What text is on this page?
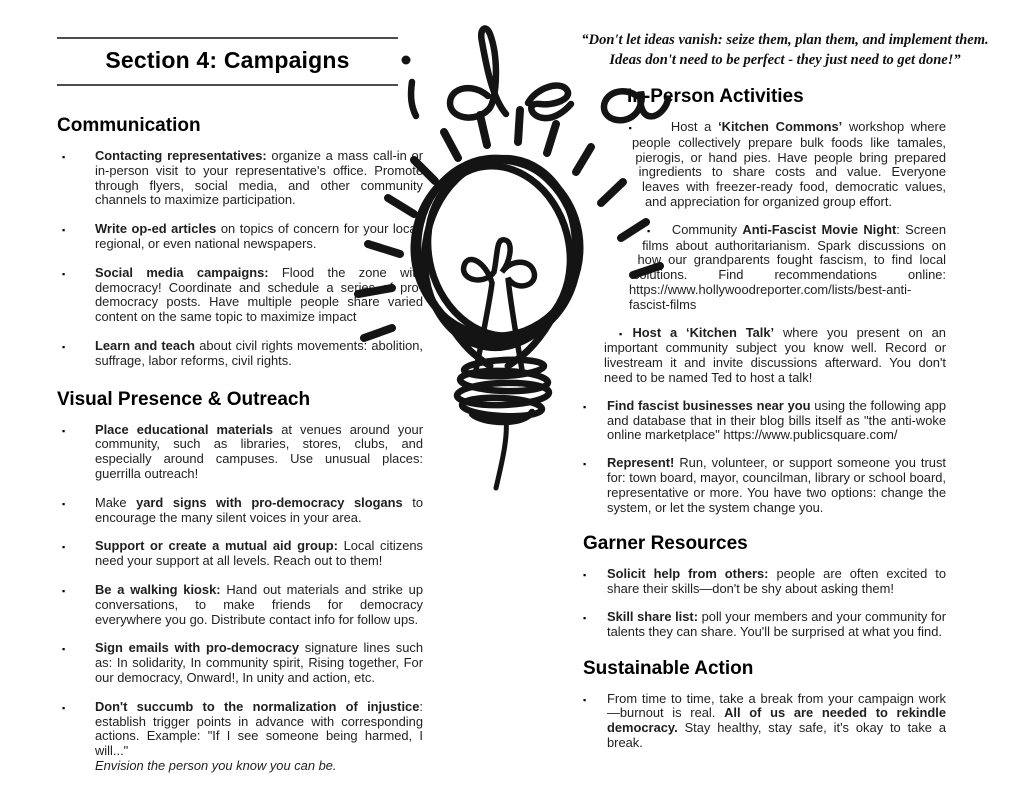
Section 4: Campaigns
Communication
▪ Contacting representatives: organize a mass call-in or in-person visit to your representative's office. Promote through flyers, social media, and other community channels to maximize participation.
▪ Write op-ed articles on topics of concern for your local, regional, or even national newspapers.
▪ Social media campaigns: Flood the zone with democracy! Coordinate and schedule a series of pro-democracy posts. Have multiple people share varied content on the same topic to maximize impact
▪ Learn and teach about civil rights movements: abolition, suffrage, labor reforms, civil rights.
Visual Presence & Outreach
▪ Place educational materials at venues around your community, such as libraries, stores, clubs, and especially around campuses. Use unusual places: guerrilla outreach!
▪ Make yard signs with pro-democracy slogans to encourage the many silent voices in your area.
▪ Support or create a mutual aid group: Local citizens need your support at all levels. Reach out to them!
▪ Be a walking kiosk: Hand out materials and strike up conversations, to make friends for democracy everywhere you go. Distribute contact info for follow ups.
▪ Sign emails with pro-democracy signature lines such as: In solidarity, In community spirit, Rising together, For our democracy, Onward!, In unity and action, etc.
▪ Don't succumb to the normalization of injustice: establish trigger points in advance with corresponding actions. Example: "If I see someone being harmed, I will..."
Envision the person you know you can be.
“Don't let ideas vanish: seize them, plan them, and implement them.
Ideas don't need to be perfect - they just need to get done!”
In-Person Activities
▪	Host a ‘Kitchen Commons’ workshop where people collectively prepare bulk foods like tamales, pierogis, or hand pies. Have people bring prepared ingredients to share costs and value. Everyone leaves with freezer-ready food, democratic values, and appreciation for organized group effort.
▪ Community Anti-Fascist Movie Night: Screen films about authoritarianism. Spark discussions on how our grandparents fought fascism, to find local solutions. Find recommendations online: https://www.hollywoodreporter.com/lists/best-anti-fascist-films
▪ Host a ‘Kitchen Talk’ where you present on an important community subject you know well. Record or livestream it and invite discussions afterward. You don't need to be named Ted to host a talk!
▪ Find fascist businesses near you using the following app and database that in their blog bills itself as "the anti-woke online marketplace" https://www.publicsquare.com/
▪ Represent! Run, volunteer, or support someone you trust for: town board, mayor, councilman, library or school board, representative or more. You have two options: change the system, or let the system change you.
Garner Resources
▪ Solicit help from others: people are often excited to share their skills—don't be shy about asking them!
▪ Skill share list: poll your members and your community for talents they can share. You'll be surprised at what you find.
Sustainable Action
▪ From time to time, take a break from your campaign work—burnout is real. All of us are needed to rekindle democracy. Stay healthy, stay safe, it's okay to take a break.
